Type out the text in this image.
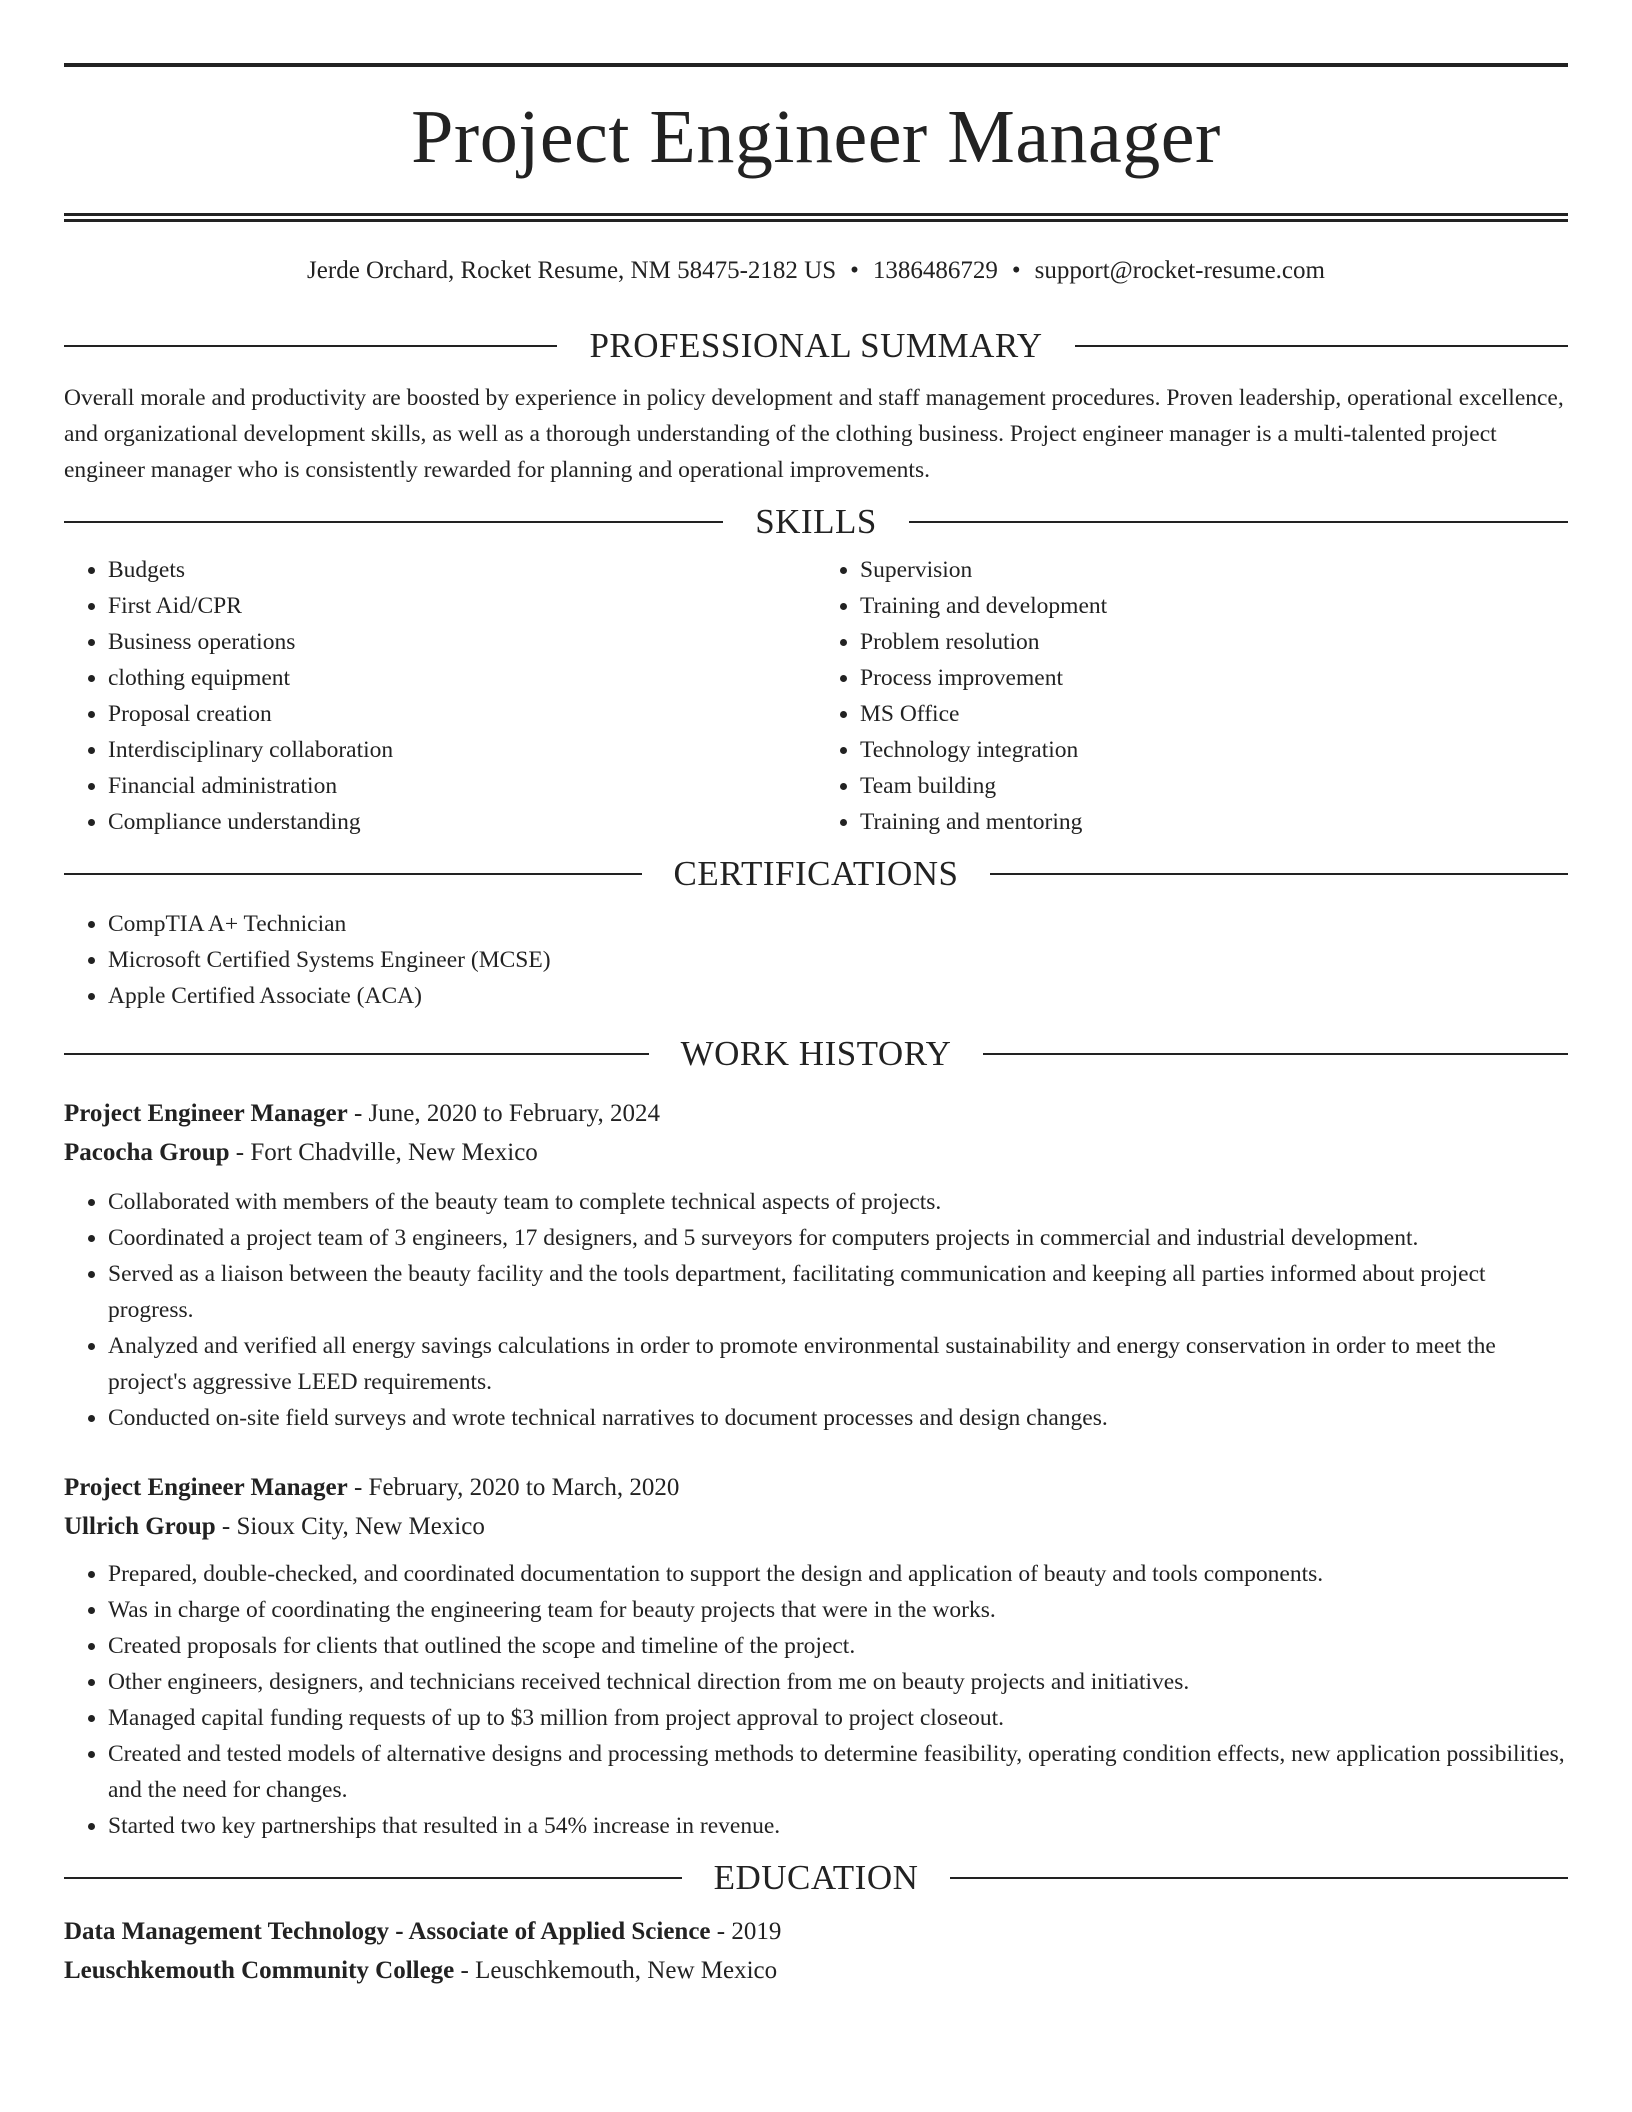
Project Engineer Manager
Jerde Orchard, Rocket Resume, NM 58475-2182 US • 1386486729 • support@rocket-resume.com
PROFESSIONAL SUMMARY

Overall morale and productivity are boosted by experience in policy development and staff management procedures. Proven leadership, operational excellence, and organizational development skills, as well as a thorough understanding of the clothing business. Project engineer manager is a multi-talented project engineer manager who is consistently rewarded for planning and operational improvements.

SKILLS
• Budgets
• First Aid/CPR
• Business operations
• clothing equipment
• Proposal creation
• Interdisciplinary collaboration
• Financial administration
• Compliance understanding
• Supervision
• Training and development
• Problem resolution
• Process improvement
• MS Office
• Technology integration
• Team building
• Training and mentoring
CERTIFICATIONS
• CompTIA A+ Technician
• Microsoft Certified Systems Engineer (MCSE)
• Apple Certified Associate (ACA)
WORK HISTORY
Project Engineer Manager - June, 2020 to February, 2024
Pacocha Group - Fort Chadville, New Mexico
• Collaborated with members of the beauty team to complete technical aspects of projects.
• Coordinated a project team of 3 engineers, 17 designers, and 5 surveyors for computers projects in commercial and industrial development.
• Served as a liaison between the beauty facility and the tools department, facilitating communication and keeping all parties informed about project progress.
• Analyzed and verified all energy savings calculations in order to promote environmental sustainability and energy conservation in order to meet the project's aggressive LEED requirements.
• Conducted on-site field surveys and wrote technical narratives to document processes and design changes.
Project Engineer Manager - February, 2020 to March, 2020
Ullrich Group - Sioux City, New Mexico
• Prepared, double-checked, and coordinated documentation to support the design and application of beauty and tools components.
• Was in charge of coordinating the engineering team for beauty projects that were in the works.
• Created proposals for clients that outlined the scope and timeline of the project.
• Other engineers, designers, and technicians received technical direction from me on beauty projects and initiatives.
• Managed capital funding requests of up to $3 million from project approval to project closeout.
• Created and tested models of alternative designs and processing methods to determine feasibility, operating condition effects, new application possibilities, and the need for changes.
• Started two key partnerships that resulted in a 54% increase in revenue.
EDUCATION
Data Management Technology - Associate of Applied Science - 2019
Leuschkemouth Community College - Leuschkemouth, New Mexico
